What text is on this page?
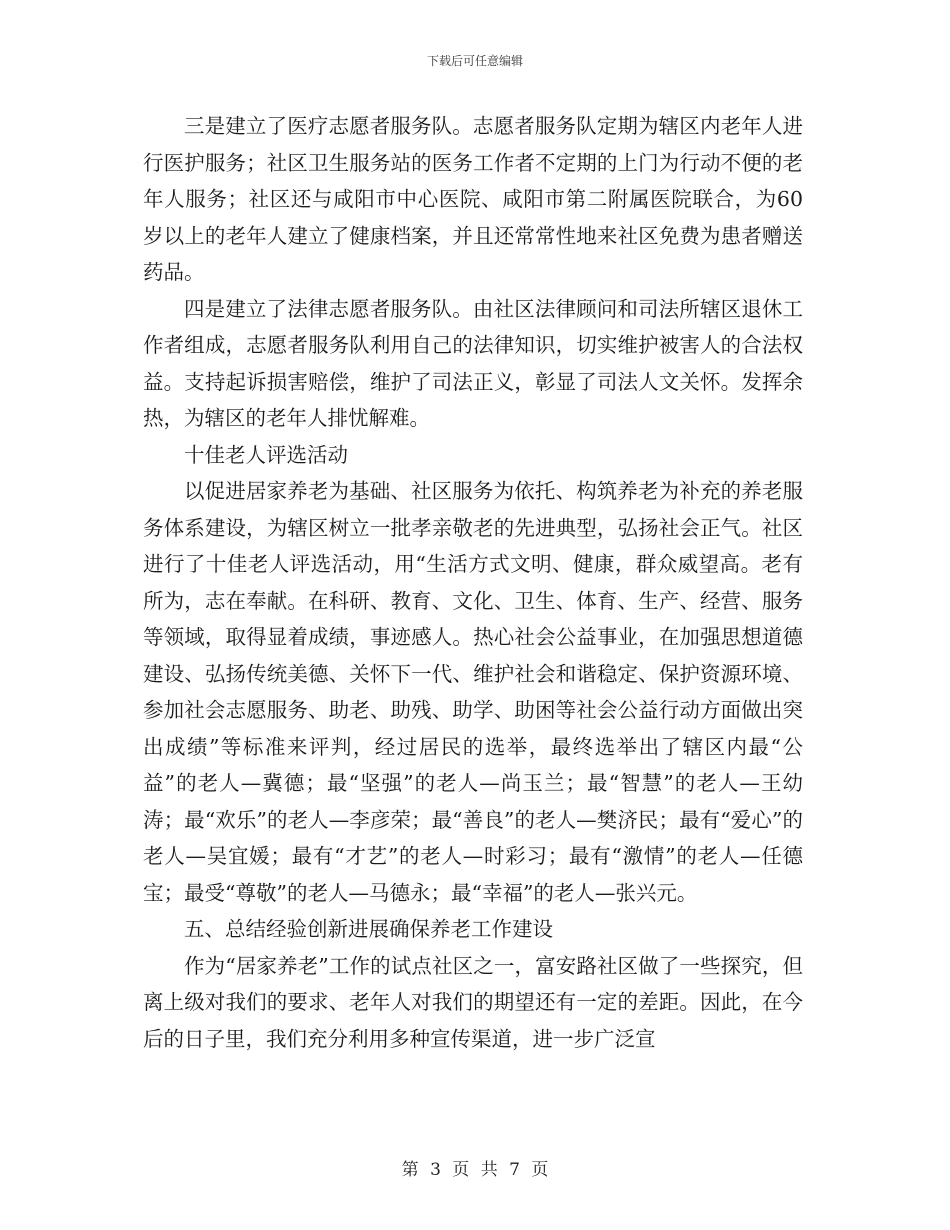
下载后可任意编辑

三是建立了医疗志愿者服务队。志愿者服务队定期为辖区内老年人进行医护服务；社区卫生服务站的医务工作者不定期的上门为行动不便的老年人服务；社区还与咸阳市中心医院、咸阳市第二附属医院联合，为60岁以上的老年人建立了健康档案，并且还常常性地来社区免费为患者赠送药品。

四是建立了法律志愿者服务队。由社区法律顾问和司法所辖区退休工作者组成，志愿者服务队利用自己的法律知识，切实维护被害人的合法权益。支持起诉损害赔偿，维护了司法正义，彰显了司法人文关怀。发挥余热，为辖区的老年人排忧解难。

十佳老人评选活动

以促进居家养老为基础、社区服务为依托、构筑养老为补充的养老服务体系建设，为辖区树立一批孝亲敬老的先进典型，弘扬社会正气。社区进行了十佳老人评选活动，用“生活方式文明、健康，群众威望高。老有所为，志在奉献。在科研、教育、文化、卫生、体育、生产、经营、服务等领域，取得显着成绩，事迹感人。热心社会公益事业，在加强思想道德建设、弘扬传统美德、关怀下一代、维护社会和谐稳定、保护资源环境、参加社会志愿服务、助老、助残、助学、助困等社会公益行动方面做出突出成绩”等标准来评判，经过居民的选举，最终选举出了辖区内最“公益”的老人—冀德；最“坚强”的老人—尚玉兰；最“智慧”的老人—王幼涛；最“欢乐”的老人—李彦荣；最“善良”的老人—樊济民；最有“爱心”的老人—吴宜媛；最有“才艺”的老人—时彩习；最有“激情”的老人—任德宝；最受“尊敬”的老人—马德永；最“幸福”的老人—张兴元。

五、总结经验创新进展确保养老工作建设

作为“居家养老”工作的试点社区之一，富安路社区做了一些探究，但离上级对我们的要求、老年人对我们的期望还有一定的差距。因此，在今后的日子里，我们充分利用多种宣传渠道，进一步广泛宣

第 3 页 共 7 页
